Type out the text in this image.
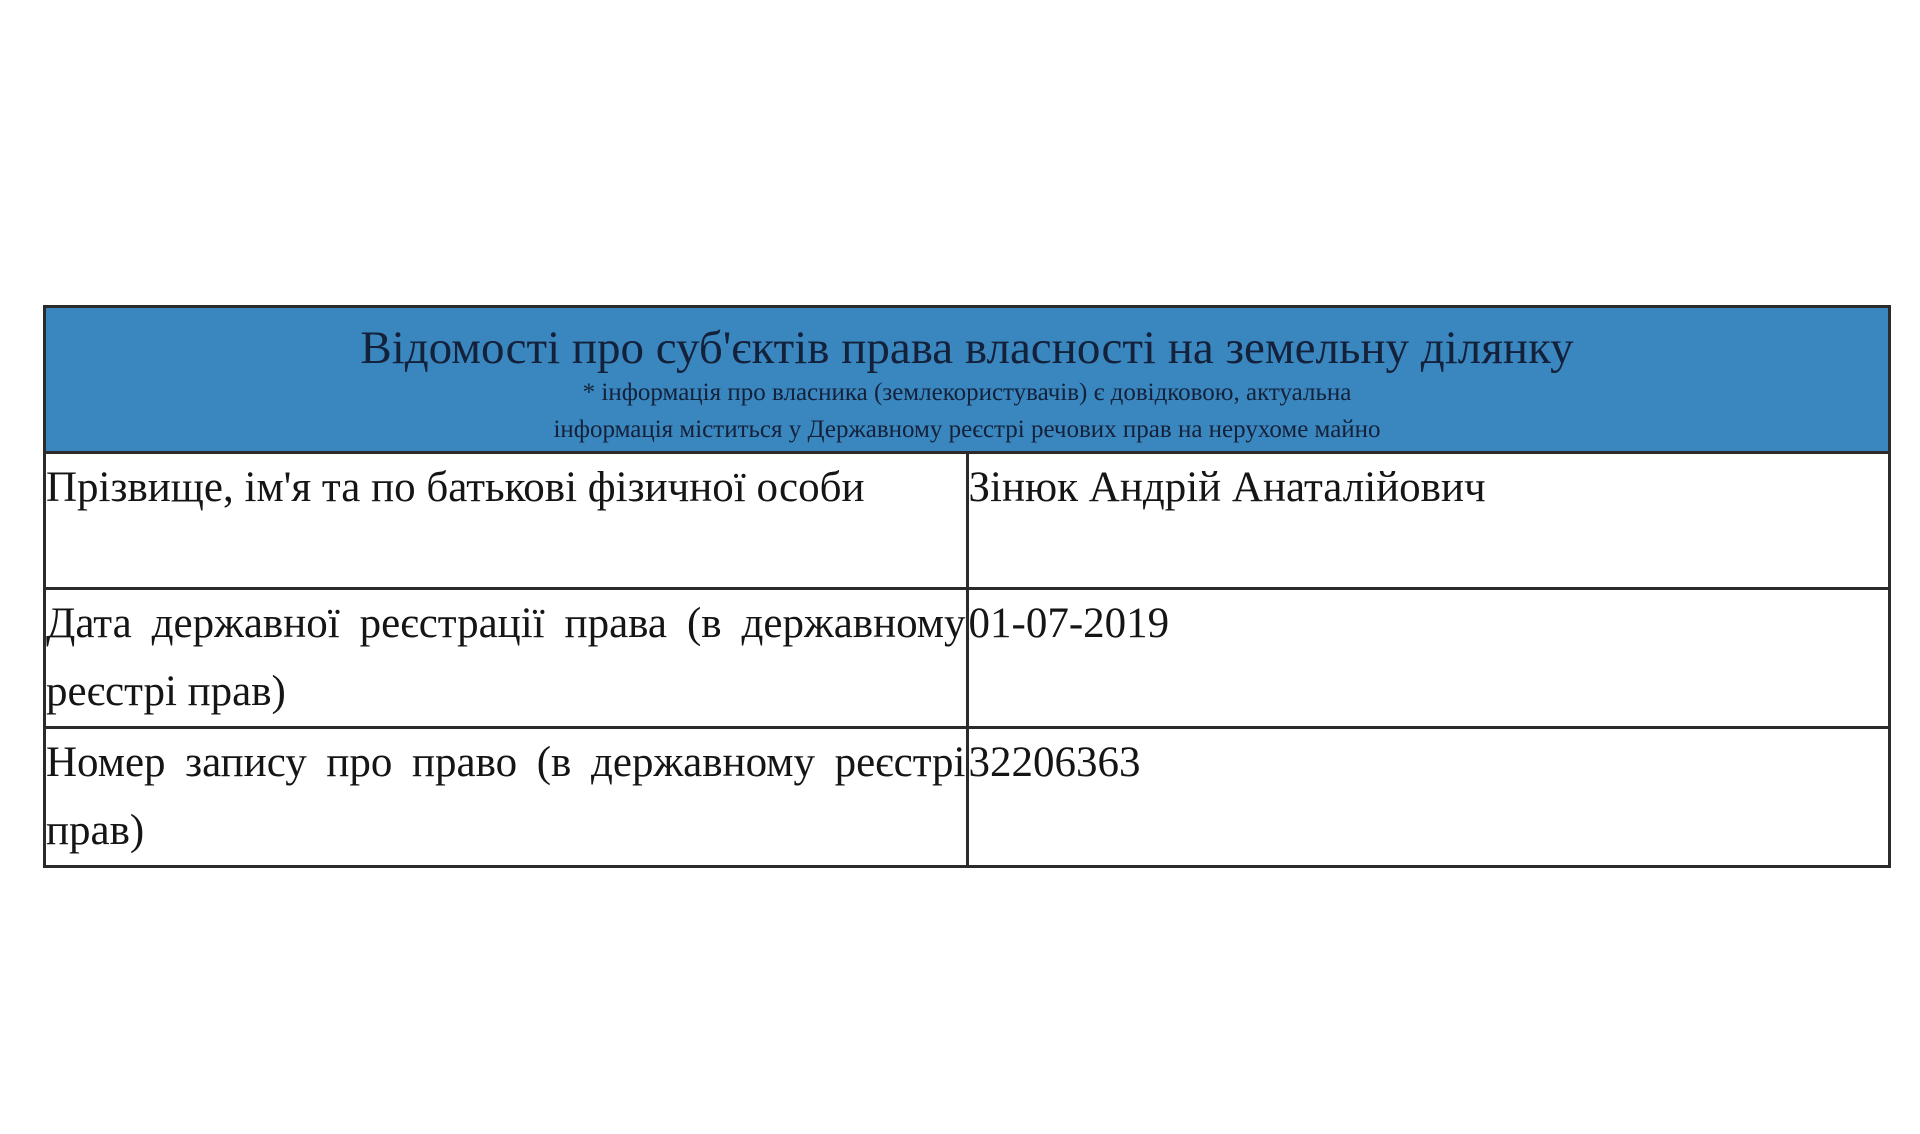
Відомості про суб'єктів права власності на земельну ділянку
* інформація про власника (землекористувачів) є довідковою, актуальна
інформація міститься у Державному реєстрі речових прав на нерухоме майно	

Прізвище, ім'я та по батькові фізичної особи	Зінюк Андрій Анаталійович

Дата державної реєстрації права (в державному реєстрі прав)	01-07-2019

Номер запису про право (в державному реєстрі прав)	32206363
